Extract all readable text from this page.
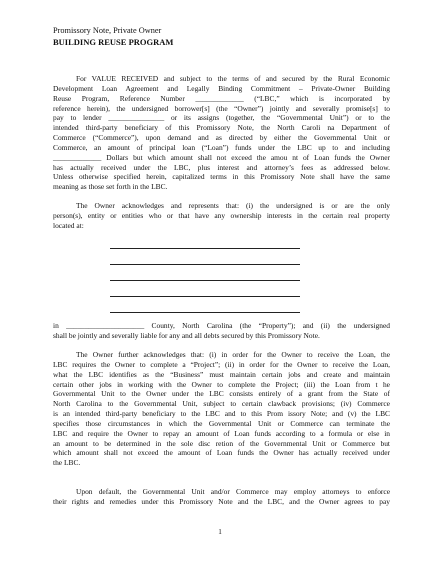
Promissory Note, Private Owner
BUILDING REUSE PROGRAM
For VALUE RECEIVED and subject to the terms of and secured by the Rural Economic
Development Loan Agreement and Legally Binding Commitment – Private-Owner Building
Reuse Program, Reference Number _____________ (“LBC,” which is incorporated by
reference herein), the undersigned borrower[s] (the “Owner”) jointly and severally promise[s] to
pay to lender _______________ or its assigns (together, the “Governmental Unit”) or to the
intended third-party beneficiary of this Promissory Note, the North Caroli na Department of
Commerce (“Commerce”), upon demand and as directed by either the Governmental Unit or
Commerce, an amount of principal loan (“Loan”) funds under the LBC up to and including
_____________ Dollars but which amount shall not exceed the amou nt of Loan funds the Owner
has actually received under the LBC, plus interest and attorney’s fees as addressed below.
Unless otherwise specified herein, capitalized terms in this Promissory Note shall have the same
meaning as those set forth in the LBC.
The Owner acknowledges and represents that: (i) the undersigned is or are the only
person(s), entity or entities who or that have any ownership interests in the certain real property
located at:
in _____________________ County, North Carolina (the “Property”); and (ii) the undersigned
shall be jointly and severally liable for any and all debts secured by this Promissory Note.
The Owner further acknowledges that: (i) in order for the Owner to receive the Loan, the
LBC requires the Owner to complete a “Project”; (ii) in order for the Owner to receive the Loan,
what the LBC identifies as the “Business” must maintain certain jobs and create and maintain
certain other jobs in working with the Owner to complete the Project; (iii) the Loan from t he
Governmental Unit to the Owner under the LBC consists entirely of a grant from the State of
North Carolina to the Governmental Unit, subject to certain clawback provisions; (iv) Commerce
is an intended third-party beneficiary to the LBC and to this Prom issory Note; and (v) the LBC
specifies those circumstances in which the Governmental Unit or Commerce can terminate the
LBC and require the Owner to repay an amount of Loan funds according to a formula or else in
an amount to be determined in the sole disc retion of the Governmental Unit or Commerce but
which amount shall not exceed the amount of Loan funds the Owner has actually received under
the LBC.
Upon default, the Governmental Unit and/or Commerce may employ attorneys to enforce
their rights and remedies under this Promissory Note and the LBC, and the Owner agrees to pay
1
